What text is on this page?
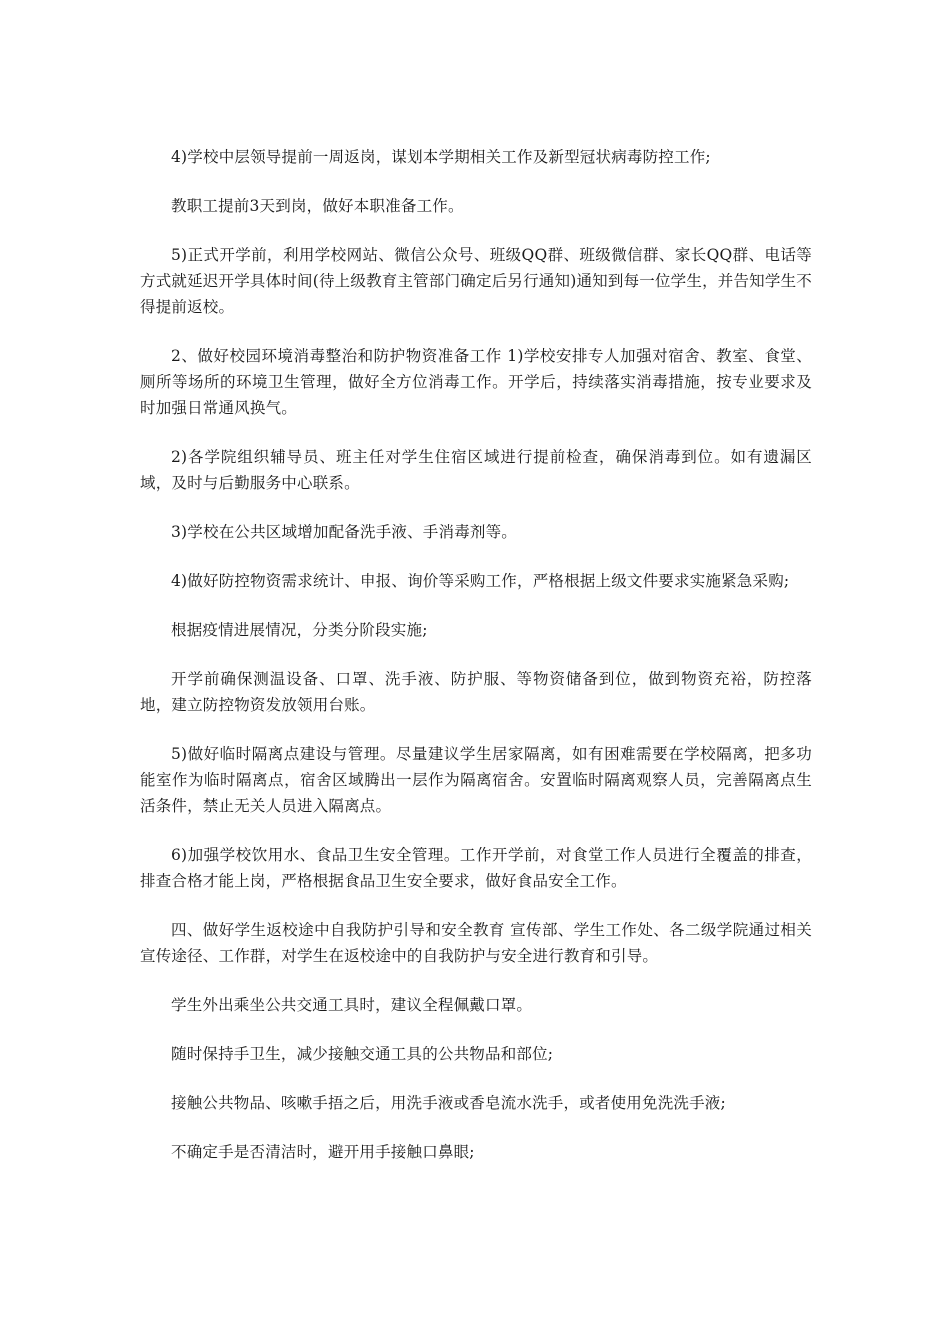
4)学校中层领导提前一周返岗，谋划本学期相关工作及新型冠状病毒防控工作;

教职工提前3天到岗，做好本职准备工作。

5)正式开学前，利用学校网站、微信公众号、班级QQ群、班级微信群、家长QQ群、电话等方式就延迟开学具体时间(待上级教育主管部门确定后另行通知)通知到每一位学生，并告知学生不得提前返校。

2、做好校园环境消毒整治和防护物资准备工作 1)学校安排专人加强对宿舍、教室、食堂、厕所等场所的环境卫生管理，做好全方位消毒工作。开学后，持续落实消毒措施，按专业要求及时加强日常通风换气。

2)各学院组织辅导员、班主任对学生住宿区域进行提前检查，确保消毒到位。如有遗漏区域，及时与后勤服务中心联系。

3)学校在公共区域增加配备洗手液、手消毒剂等。

4)做好防控物资需求统计、申报、询价等采购工作，严格根据上级文件要求实施紧急采购;

根据疫情进展情况，分类分阶段实施;

开学前确保测温设备、口罩、洗手液、防护服、等物资储备到位，做到物资充裕，防控落地，建立防控物资发放领用台账。

5)做好临时隔离点建设与管理。尽量建议学生居家隔离，如有困难需要在学校隔离，把多功能室作为临时隔离点，宿舍区域腾出一层作为隔离宿舍。安置临时隔离观察人员，完善隔离点生活条件，禁止无关人员进入隔离点。

6)加强学校饮用水、食品卫生安全管理。工作开学前，对食堂工作人员进行全覆盖的排查，排查合格才能上岗，严格根据食品卫生安全要求，做好食品安全工作。

四、做好学生返校途中自我防护引导和安全教育 宣传部、学生工作处、各二级学院通过相关宣传途径、工作群，对学生在返校途中的自我防护与安全进行教育和引导。

学生外出乘坐公共交通工具时，建议全程佩戴口罩。

随时保持手卫生，减少接触交通工具的公共物品和部位;

接触公共物品、咳嗽手捂之后，用洗手液或香皂流水洗手，或者使用免洗洗手液;

不确定手是否清洁时，避开用手接触口鼻眼;
